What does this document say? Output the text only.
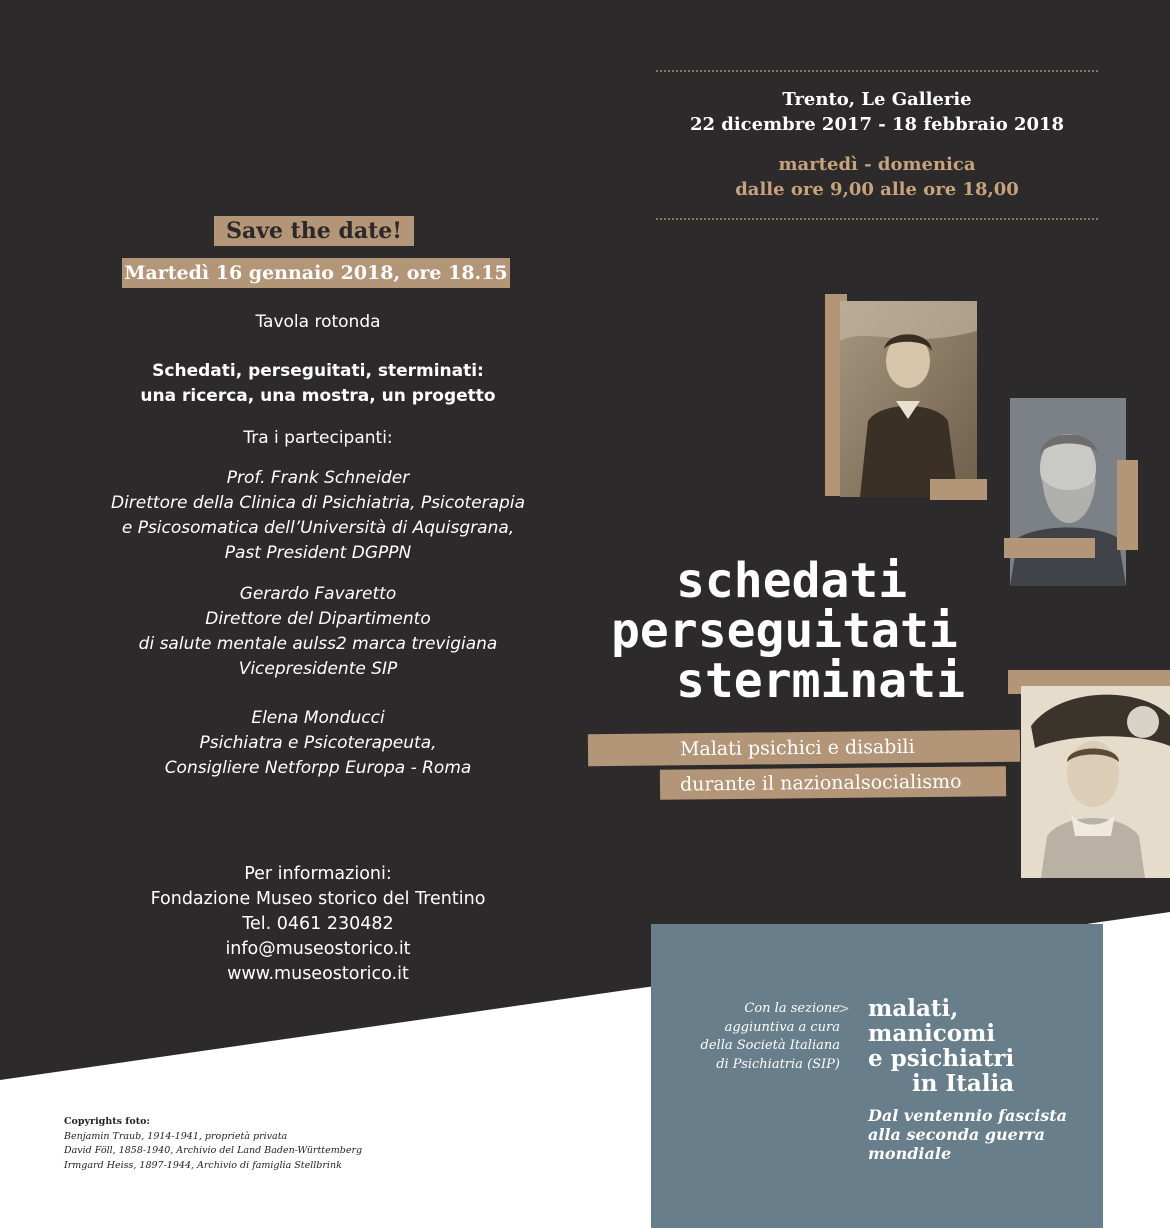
Trento, Le Gallerie
22 dicembre 2017 - 18 febbraio 2018
martedì - domenica
dalle ore 9,00 alle ore 18,00
Save the date!
Martedì 16 gennaio 2018, ore 18.15
Tavola rotonda
Schedati, perseguitati, sterminati:
una ricerca, una mostra, un progetto
Tra i partecipanti:
Prof. Frank Schneider
Direttore della Clinica di Psichiatria, Psicoterapia
e Psicosomatica dell’Università di Aquisgrana,
Past President DGPPN
Gerardo Favaretto
Direttore del Dipartimento
di salute mentale aulss2 marca trevigiana
Vicepresidente SIP
Elena Monducci
Psichiatra e Psicoterapeuta,
Consigliere Netforpp Europa - Roma
Per informazioni:
Fondazione Museo storico del Trentino
Tel. 0461 230482
info@museostorico.it
www.museostorico.it
schedati
perseguitati
sterminati
Malati psichici e disabili
durante il nazionalsocialismo
Con la sezione
aggiuntiva a cura
della Società Italiana
di Psichiatria (SIP)
> malati,
manicomi
e psichiatri
in Italia
Dal ventennio fascista
alla seconda guerra
mondiale
Copyrights foto:
Benjamin Traub, 1914-1941, proprietà privata
David Föll, 1858-1940, Archivio del Land Baden-Württemberg
Irmgard Heiss, 1897-1944, Archivio di famiglia Stellbrink
